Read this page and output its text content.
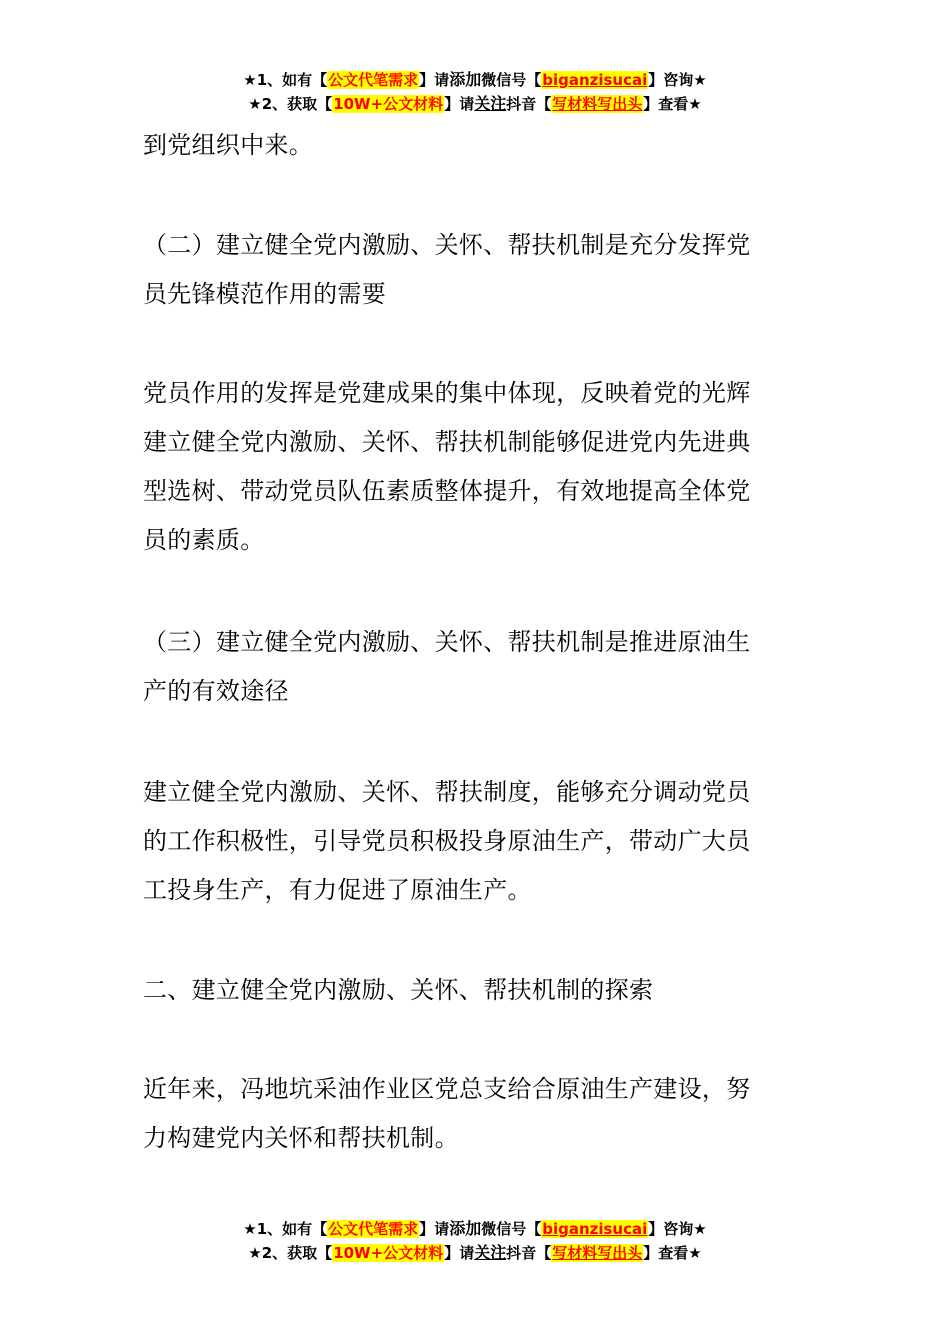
★1、如有【公文代笔需求】请添加微信号【biganzisucai】咨询★
★2、获取【10W+公文材料】请关注抖音【写材料写出头】查看★

到党组织中来。

（二）建立健全党内激励、关怀、帮扶机制是充分发挥党
员先锋模范作用的需要

党员作用的发挥是党建成果的集中体现，反映着党的光辉
建立健全党内激励、关怀、帮扶机制能够促进党内先进典
型选树、带动党员队伍素质整体提升，有效地提高全体党
员的素质。

（三）建立健全党内激励、关怀、帮扶机制是推进原油生
产的有效途径

建立健全党内激励、关怀、帮扶制度，能够充分调动党员
的工作积极性，引导党员积极投身原油生产，带动广大员
工投身生产，有力促进了原油生产。

二、建立健全党内激励、关怀、帮扶机制的探索

近年来，冯地坑采油作业区党总支给合原油生产建设，努
力构建党内关怀和帮扶机制。

★1、如有【公文代笔需求】请添加微信号【biganzisucai】咨询★
★2、获取【10W+公文材料】请关注抖音【写材料写出头】查看★
